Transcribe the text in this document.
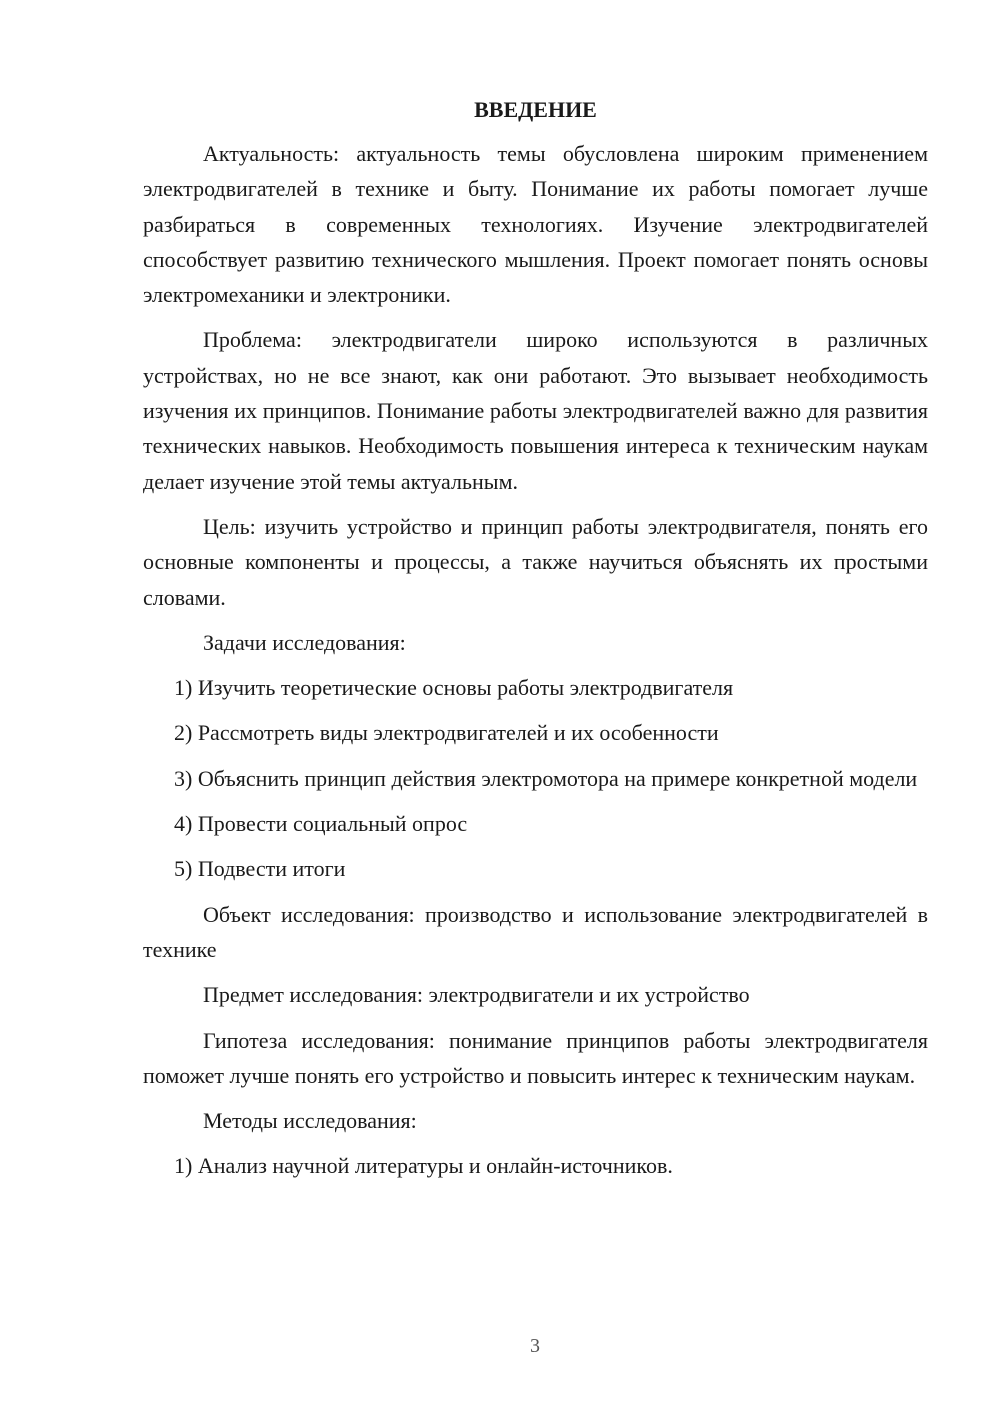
ВВЕДЕНИЕ

Актуальность: актуальность темы обусловлена широким применением электродвигателей в технике и быту. Понимание их работы помогает лучше разбираться в современных технологиях. Изучение электродвигателей способствует развитию технического мышления. Проект помогает понять основы электромеханики и электроники.

Проблема: электродвигатели широко используются в различных устройствах, но не все знают, как они работают. Это вызывает необходимость изучения их принципов. Понимание работы электродвигателей важно для развития технических навыков. Необходимость повышения интереса к техническим наукам делает изучение этой темы актуальным.

Цель: изучить устройство и принцип работы электродвигателя, понять его основные компоненты и процессы, а также научиться объяснять их простыми словами.

Задачи исследования:

1) Изучить теоретические основы работы электродвигателя

2) Рассмотреть виды электродвигателей и их особенности

3) Объяснить принцип действия электромотора на примере конкретной модели

4) Провести социальный опрос

5) Подвести итоги

Объект исследования: производство и использование электродвигателей в технике

Предмет исследования: электродвигатели и их устройство

Гипотеза исследования: понимание принципов работы электродвигателя поможет лучше понять его устройство и повысить интерес к техническим наукам.

Методы исследования:

1) Анализ научной литературы и онлайн-источников.

3
